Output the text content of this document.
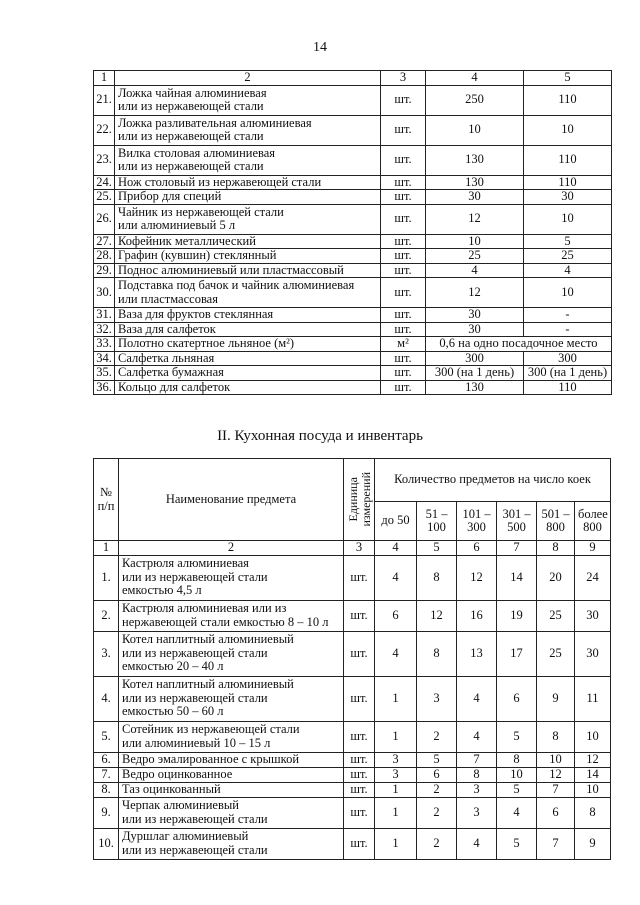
14
1	2	3	4	5
21.	Ложка чайная алюминиевая
или из нержавеющей стали	шт.	250	110
22.	Ложка разливательная алюминиевая
или из нержавеющей стали	шт.	10	10
23.	Вилка столовая алюминиевая
или из нержавеющей стали	шт.	130	110
24.	Нож столовый из нержавеющей стали	шт.	130	110
25.	Прибор для специй	шт.	30	30
26.	Чайник из нержавеющей стали
или алюминиевый 5 л	шт.	12	10
27.	Кофейник металлический	шт.	10	5
28.	Графин (кувшин) стеклянный	шт.	25	25
29.	Поднос алюминиевый или пластмассовый	шт.	4	4
30.	Подставка под бачок и чайник алюминиевая
или пластмассовая	шт.	12	10
31.	Ваза для фруктов стеклянная	шт.	30	-
32.	Ваза для салфеток	шт.	30	-
33.	Полотно скатертное льняное (м²)	м²	0,6 на одно посадочное место	
34.	Салфетка льняная	шт.	300	300
35.	Салфетка бумажная	шт.	300 (на 1 день)	300 (на 1 день)
36.	Кольцо для салфеток	шт.	130	110
II. Кухонная посуда и инвентарь
№ п/п	Наименование предмета	Единица
измерений	Количество предметов на число коек					
			до 50	51 – 100	101 – 300	301 – 500	501 – 800	более 800
1	2	3	4	5	6	7	8	9
1.	Кастрюля алюминиевая
или из нержавеющей стали
емкостью 4,5 л	шт.	4	8	12	14	20	24
2.	Кастрюля алюминиевая или из
нержавеющей стали емкостью 8 – 10 л	шт.	6	12	16	19	25	30
3.	Котел наплитный алюминиевый
или из нержавеющей стали
емкостью 20 – 40 л	шт.	4	8	13	17	25	30
4.	Котел наплитный алюминиевый
или из нержавеющей стали
емкостью 50 – 60 л	шт.	1	3	4	6	9	11
5.	Сотейник из нержавеющей стали
или алюминиевый 10 – 15 л	шт.	1	2	4	5	8	10
6.	Ведро эмалированное с крышкой	шт.	3	5	7	8	10	12
7.	Ведро оцинкованное	шт.	3	6	8	10	12	14
8.	Таз оцинкованный	шт.	1	2	3	5	7	10
9.	Черпак алюминиевый
или из нержавеющей стали	шт.	1	2	3	4	6	8
10.	Дуршлаг алюминиевый
или из нержавеющей стали	шт.	1	2	4	5	7	9
